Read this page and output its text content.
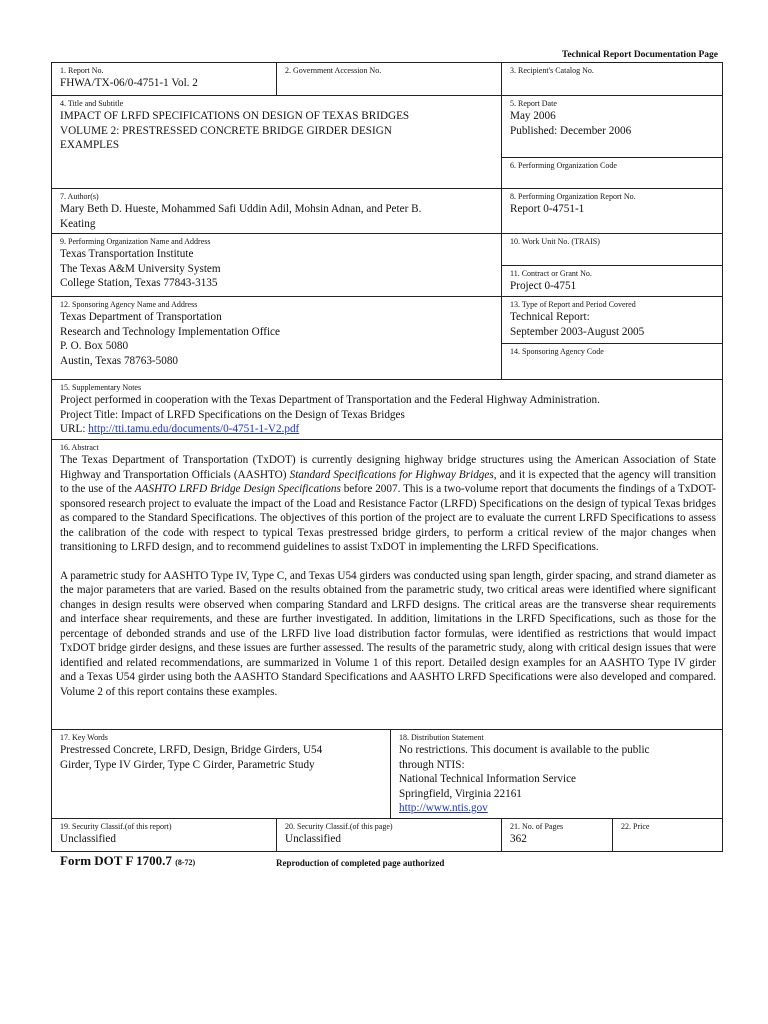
Technical Report Documentation Page
1. Report No.
FHWA/TX-06/0-4751-1 Vol. 2
2. Government Accession No.	3. Recipient's Catalog No.
4. Title and Subtitle
IMPACT OF LRFD SPECIFICATIONS ON DESIGN OF TEXAS BRIDGES
VOLUME 2: PRESTRESSED CONCRETE BRIDGE GIRDER DESIGN
EXAMPLES
5. Report Date
May 2006
Published: December 2006
6. Performing Organization Code
7. Author(s)
Mary Beth D. Hueste, Mohammed Safi Uddin Adil, Mohsin Adnan, and Peter B.
Keating
8. Performing Organization Report No.
Report 0-4751-1
9. Performing Organization Name and Address
Texas Transportation Institute
The Texas A&M University System
College Station, Texas 77843-3135
10. Work Unit No. (TRAIS)
11. Contract or Grant No.
Project 0-4751
12. Sponsoring Agency Name and Address
Texas Department of Transportation
Research and Technology Implementation Office
P. O. Box 5080
Austin, Texas 78763-5080
13. Type of Report and Period Covered
Technical Report:
September 2003-August 2005
14. Sponsoring Agency Code
15. Supplementary Notes
Project performed in cooperation with the Texas Department of Transportation and the Federal Highway Administration.
Project Title: Impact of LRFD Specifications on the Design of Texas Bridges
URL: http://tti.tamu.edu/documents/0-4751-1-V2.pdf
16. Abstract

The Texas Department of Transportation (TxDOT) is currently designing highway bridge structures using the American Association of State Highway and Transportation Officials (AASHTO) Standard Specifications for Highway Bridges, and it is expected that the agency will transition to the use of the AASHTO LRFD Bridge Design Specifications before 2007. This is a two-volume report that documents the findings of a TxDOT-sponsored research project to evaluate the impact of the Load and Resistance Factor (LRFD) Specifications on the design of typical Texas bridges as compared to the Standard Specifications. The objectives of this portion of the project are to evaluate the current LRFD Specifications to assess the calibration of the code with respect to typical Texas prestressed bridge girders, to perform a critical review of the major changes when transitioning to LRFD design, and to recommend guidelines to assist TxDOT in implementing the LRFD Specifications.

A parametric study for AASHTO Type IV, Type C, and Texas U54 girders was conducted using span length, girder spacing, and strand diameter as the major parameters that are varied. Based on the results obtained from the parametric study, two critical areas were identified where significant changes in design results were observed when comparing Standard and LRFD designs. The critical areas are the transverse shear requirements and interface shear requirements, and these are further investigated. In addition, limitations in the LRFD Specifications, such as those for the percentage of debonded strands and use of the LRFD live load distribution factor formulas, were identified as restrictions that would impact TxDOT bridge girder designs, and these issues are further assessed. The results of the parametric study, along with critical design issues that were identified and related recommendations, are summarized in Volume 1 of this report. Detailed design examples for an AASHTO Type IV girder and a Texas U54 girder using both the AASHTO Standard Specifications and AASHTO LRFD Specifications were also developed and compared. Volume 2 of this report contains these examples.

17. Key Words
Prestressed Concrete, LRFD, Design, Bridge Girders, U54
Girder, Type IV Girder, Type C Girder, Parametric Study
18. Distribution Statement
No restrictions. This document is available to the public
through NTIS:
National Technical Information Service
Springfield, Virginia 22161
http://www.ntis.gov
19. Security Classif.(of this report)
Unclassified
20. Security Classif.(of this page)
Unclassified
21. No. of Pages
362
22. Price
Form DOT F 1700.7 (8-72)	Reproduction of completed page authorized
